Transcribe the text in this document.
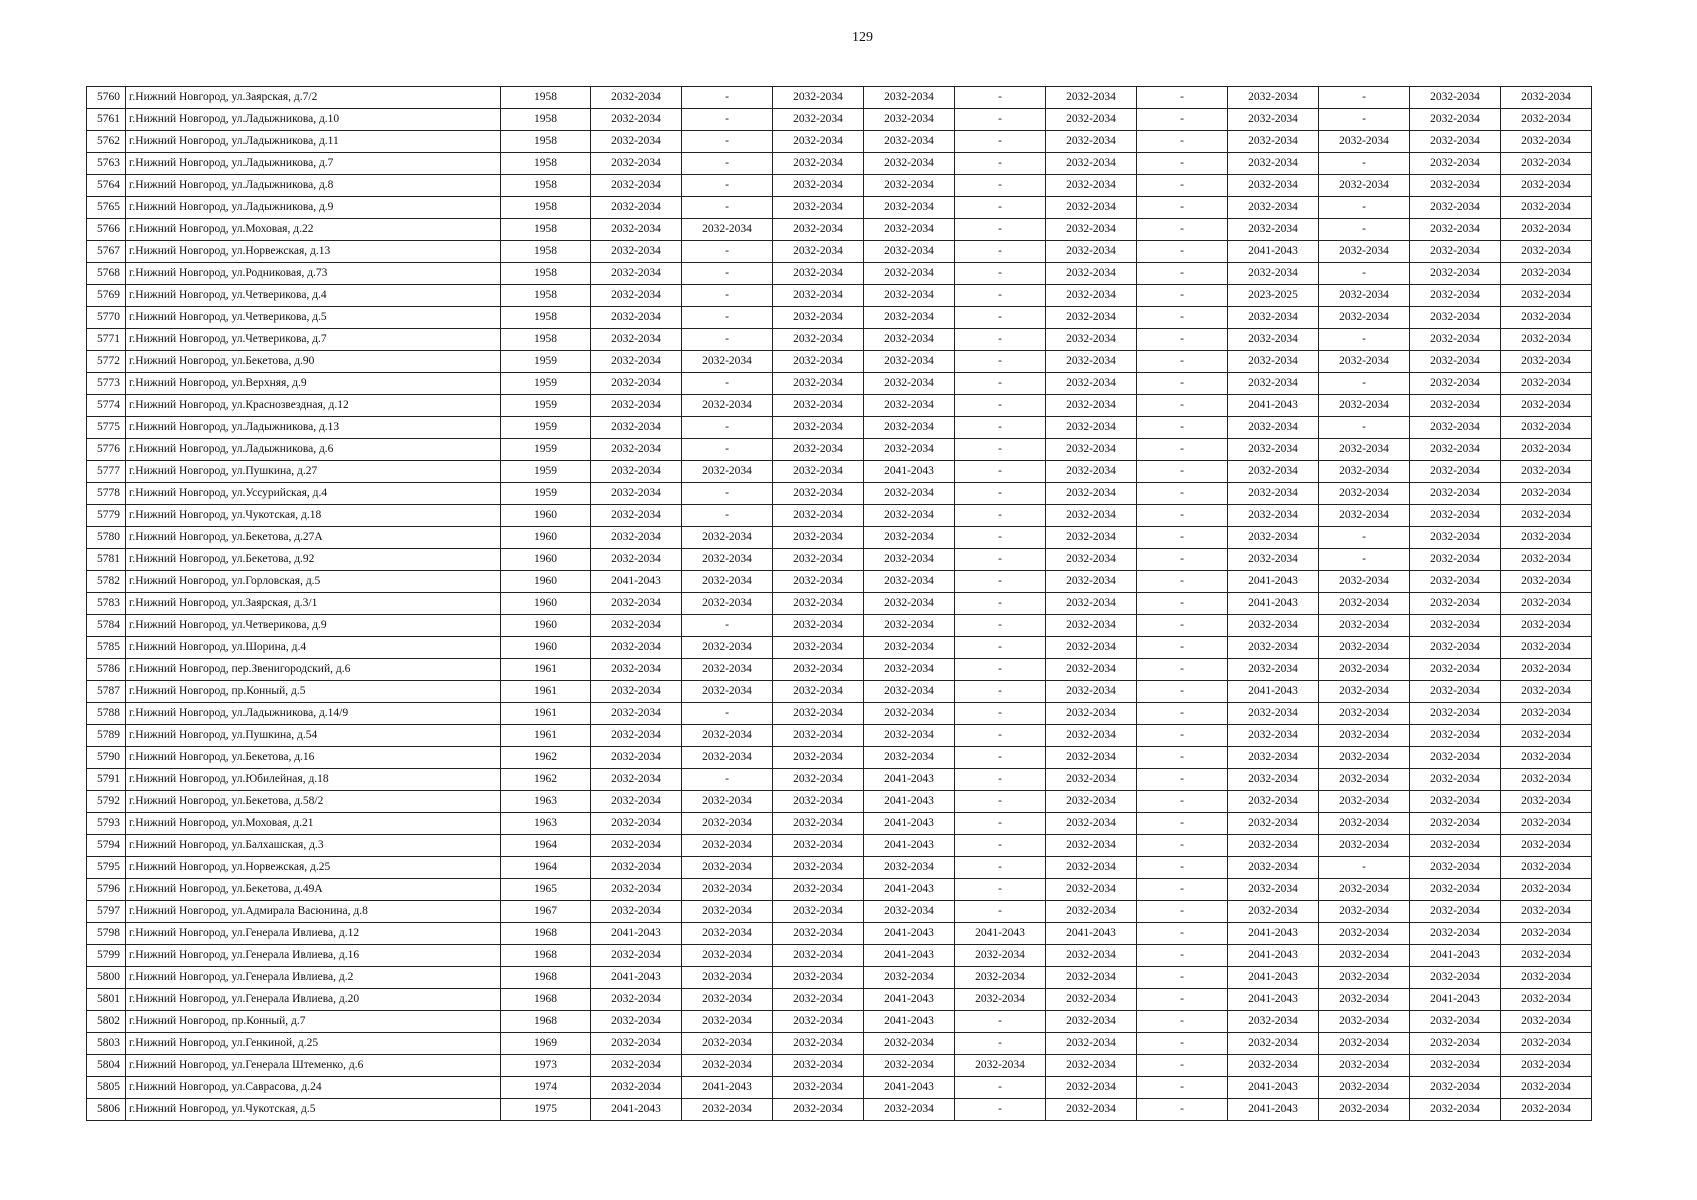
129
5760	г.Нижний Новгород, ул.Заярская, д.7/2	1958	2032-2034	-	2032-2034	2032-2034	-	2032-2034	-	2032-2034	-	2032-2034	2032-2034
5761	г.Нижний Новгород, ул.Ладыжникова, д.10	1958	2032-2034	-	2032-2034	2032-2034	-	2032-2034	-	2032-2034	-	2032-2034	2032-2034
5762	г.Нижний Новгород, ул.Ладыжникова, д.11	1958	2032-2034	-	2032-2034	2032-2034	-	2032-2034	-	2032-2034	2032-2034	2032-2034	2032-2034
5763	г.Нижний Новгород, ул.Ладыжникова, д.7	1958	2032-2034	-	2032-2034	2032-2034	-	2032-2034	-	2032-2034	-	2032-2034	2032-2034
5764	г.Нижний Новгород, ул.Ладыжникова, д.8	1958	2032-2034	-	2032-2034	2032-2034	-	2032-2034	-	2032-2034	2032-2034	2032-2034	2032-2034
5765	г.Нижний Новгород, ул.Ладыжникова, д.9	1958	2032-2034	-	2032-2034	2032-2034	-	2032-2034	-	2032-2034	-	2032-2034	2032-2034
5766	г.Нижний Новгород, ул.Моховая, д.22	1958	2032-2034	2032-2034	2032-2034	2032-2034	-	2032-2034	-	2032-2034	-	2032-2034	2032-2034
5767	г.Нижний Новгород, ул.Норвежская, д.13	1958	2032-2034	-	2032-2034	2032-2034	-	2032-2034	-	2041-2043	2032-2034	2032-2034	2032-2034
5768	г.Нижний Новгород, ул.Родниковая, д.73	1958	2032-2034	-	2032-2034	2032-2034	-	2032-2034	-	2032-2034	-	2032-2034	2032-2034
5769	г.Нижний Новгород, ул.Четверикова, д.4	1958	2032-2034	-	2032-2034	2032-2034	-	2032-2034	-	2023-2025	2032-2034	2032-2034	2032-2034
5770	г.Нижний Новгород, ул.Четверикова, д.5	1958	2032-2034	-	2032-2034	2032-2034	-	2032-2034	-	2032-2034	2032-2034	2032-2034	2032-2034
5771	г.Нижний Новгород, ул.Четверикова, д.7	1958	2032-2034	-	2032-2034	2032-2034	-	2032-2034	-	2032-2034	-	2032-2034	2032-2034
5772	г.Нижний Новгород, ул.Бекетова, д.90	1959	2032-2034	2032-2034	2032-2034	2032-2034	-	2032-2034	-	2032-2034	2032-2034	2032-2034	2032-2034
5773	г.Нижний Новгород, ул.Верхняя, д.9	1959	2032-2034	-	2032-2034	2032-2034	-	2032-2034	-	2032-2034	-	2032-2034	2032-2034
5774	г.Нижний Новгород, ул.Краснозвездная, д.12	1959	2032-2034	2032-2034	2032-2034	2032-2034	-	2032-2034	-	2041-2043	2032-2034	2032-2034	2032-2034
5775	г.Нижний Новгород, ул.Ладыжникова, д.13	1959	2032-2034	-	2032-2034	2032-2034	-	2032-2034	-	2032-2034	-	2032-2034	2032-2034
5776	г.Нижний Новгород, ул.Ладыжникова, д.6	1959	2032-2034	-	2032-2034	2032-2034	-	2032-2034	-	2032-2034	2032-2034	2032-2034	2032-2034
5777	г.Нижний Новгород, ул.Пушкина, д.27	1959	2032-2034	2032-2034	2032-2034	2041-2043	-	2032-2034	-	2032-2034	2032-2034	2032-2034	2032-2034
5778	г.Нижний Новгород, ул.Уссурийская, д.4	1959	2032-2034	-	2032-2034	2032-2034	-	2032-2034	-	2032-2034	2032-2034	2032-2034	2032-2034
5779	г.Нижний Новгород, ул.Чукотская, д.18	1960	2032-2034	-	2032-2034	2032-2034	-	2032-2034	-	2032-2034	2032-2034	2032-2034	2032-2034
5780	г.Нижний Новгород, ул.Бекетова, д.27А	1960	2032-2034	2032-2034	2032-2034	2032-2034	-	2032-2034	-	2032-2034	-	2032-2034	2032-2034
5781	г.Нижний Новгород, ул.Бекетова, д.92	1960	2032-2034	2032-2034	2032-2034	2032-2034	-	2032-2034	-	2032-2034	-	2032-2034	2032-2034
5782	г.Нижний Новгород, ул.Горловская, д.5	1960	2041-2043	2032-2034	2032-2034	2032-2034	-	2032-2034	-	2041-2043	2032-2034	2032-2034	2032-2034
5783	г.Нижний Новгород, ул.Заярская, д.3/1	1960	2032-2034	2032-2034	2032-2034	2032-2034	-	2032-2034	-	2041-2043	2032-2034	2032-2034	2032-2034
5784	г.Нижний Новгород, ул.Четверикова, д.9	1960	2032-2034	-	2032-2034	2032-2034	-	2032-2034	-	2032-2034	2032-2034	2032-2034	2032-2034
5785	г.Нижний Новгород, ул.Шорина, д.4	1960	2032-2034	2032-2034	2032-2034	2032-2034	-	2032-2034	-	2032-2034	2032-2034	2032-2034	2032-2034
5786	г.Нижний Новгород, пер.Звенигородский, д.6	1961	2032-2034	2032-2034	2032-2034	2032-2034	-	2032-2034	-	2032-2034	2032-2034	2032-2034	2032-2034
5787	г.Нижний Новгород, пр.Конный, д.5	1961	2032-2034	2032-2034	2032-2034	2032-2034	-	2032-2034	-	2041-2043	2032-2034	2032-2034	2032-2034
5788	г.Нижний Новгород, ул.Ладыжникова, д.14/9	1961	2032-2034	-	2032-2034	2032-2034	-	2032-2034	-	2032-2034	2032-2034	2032-2034	2032-2034
5789	г.Нижний Новгород, ул.Пушкина, д.54	1961	2032-2034	2032-2034	2032-2034	2032-2034	-	2032-2034	-	2032-2034	2032-2034	2032-2034	2032-2034
5790	г.Нижний Новгород, ул.Бекетова, д.16	1962	2032-2034	2032-2034	2032-2034	2032-2034	-	2032-2034	-	2032-2034	2032-2034	2032-2034	2032-2034
5791	г.Нижний Новгород, ул.Юбилейная, д.18	1962	2032-2034	-	2032-2034	2041-2043	-	2032-2034	-	2032-2034	2032-2034	2032-2034	2032-2034
5792	г.Нижний Новгород, ул.Бекетова, д.58/2	1963	2032-2034	2032-2034	2032-2034	2041-2043	-	2032-2034	-	2032-2034	2032-2034	2032-2034	2032-2034
5793	г.Нижний Новгород, ул.Моховая, д.21	1963	2032-2034	2032-2034	2032-2034	2041-2043	-	2032-2034	-	2032-2034	2032-2034	2032-2034	2032-2034
5794	г.Нижний Новгород, ул.Балхашская, д.3	1964	2032-2034	2032-2034	2032-2034	2041-2043	-	2032-2034	-	2032-2034	2032-2034	2032-2034	2032-2034
5795	г.Нижний Новгород, ул.Норвежская, д.25	1964	2032-2034	2032-2034	2032-2034	2032-2034	-	2032-2034	-	2032-2034	-	2032-2034	2032-2034
5796	г.Нижний Новгород, ул.Бекетова, д.49А	1965	2032-2034	2032-2034	2032-2034	2041-2043	-	2032-2034	-	2032-2034	2032-2034	2032-2034	2032-2034
5797	г.Нижний Новгород, ул.Адмирала Васюнина, д.8	1967	2032-2034	2032-2034	2032-2034	2032-2034	-	2032-2034	-	2032-2034	2032-2034	2032-2034	2032-2034
5798	г.Нижний Новгород, ул.Генерала Ивлиева, д.12	1968	2041-2043	2032-2034	2032-2034	2041-2043	2041-2043	2041-2043	-	2041-2043	2032-2034	2032-2034	2032-2034
5799	г.Нижний Новгород, ул.Генерала Ивлиева, д.16	1968	2032-2034	2032-2034	2032-2034	2041-2043	2032-2034	2032-2034	-	2041-2043	2032-2034	2041-2043	2032-2034
5800	г.Нижний Новгород, ул.Генерала Ивлиева, д.2	1968	2041-2043	2032-2034	2032-2034	2032-2034	2032-2034	2032-2034	-	2041-2043	2032-2034	2032-2034	2032-2034
5801	г.Нижний Новгород, ул.Генерала Ивлиева, д.20	1968	2032-2034	2032-2034	2032-2034	2041-2043	2032-2034	2032-2034	-	2041-2043	2032-2034	2041-2043	2032-2034
5802	г.Нижний Новгород, пр.Конный, д.7	1968	2032-2034	2032-2034	2032-2034	2041-2043	-	2032-2034	-	2032-2034	2032-2034	2032-2034	2032-2034
5803	г.Нижний Новгород, ул.Генкиной, д.25	1969	2032-2034	2032-2034	2032-2034	2032-2034	-	2032-2034	-	2032-2034	2032-2034	2032-2034	2032-2034
5804	г.Нижний Новгород, ул.Генерала Штеменко, д.6	1973	2032-2034	2032-2034	2032-2034	2032-2034	2032-2034	2032-2034	-	2032-2034	2032-2034	2032-2034	2032-2034
5805	г.Нижний Новгород, ул.Саврасова, д.24	1974	2032-2034	2041-2043	2032-2034	2041-2043	-	2032-2034	-	2041-2043	2032-2034	2032-2034	2032-2034
5806	г.Нижний Новгород, ул.Чукотская, д.5	1975	2041-2043	2032-2034	2032-2034	2032-2034	-	2032-2034	-	2041-2043	2032-2034	2032-2034	2032-2034
